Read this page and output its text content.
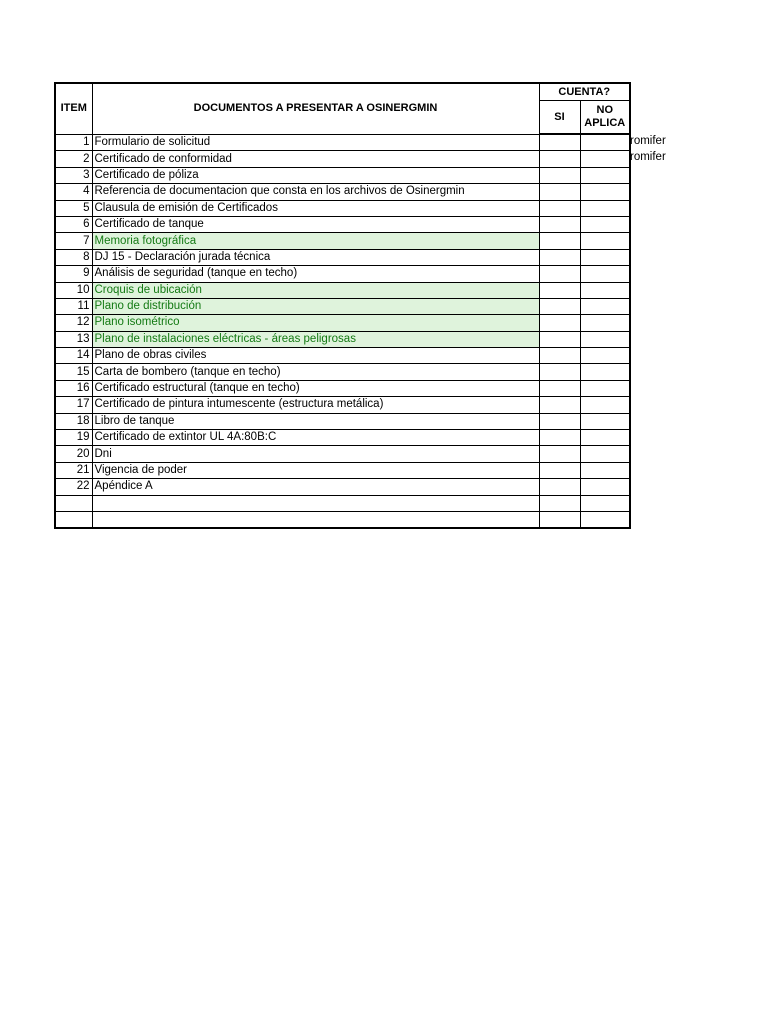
ITEM	DOCUMENTOS A PRESENTAR A OSINERGMIN	CUENTA?	
		SI	NO
APLICA
1	Formulario de solicitud		
2	Certificado de conformidad		
3	Certificado de póliza		
4	Referencia de documentacion que consta en los archivos de Osinergmin		
5	Clausula de emisión de Certificados		
6	Certificado de tanque		
7	Memoria fotográfica		
8	DJ 15 - Declaración jurada técnica		
9	Análisis de seguridad (tanque en techo)		
10	Croquis de ubicación		
11	Plano de distribución		
12	Plano isométrico		
13	Plano de instalaciones eléctricas - áreas peligrosas		
14	Plano de obras civiles		
15	Carta de bombero (tanque en techo)		
16	Certificado estructural (tanque en techo)		
17	Certificado de pintura intumescente (estructura metálica)		
18	Libro de tanque		
19	Certificado de extintor UL 4A:80B:C		
20	Dni		
21	Vigencia de poder		
22	Apéndice A		

romifer
romifer
